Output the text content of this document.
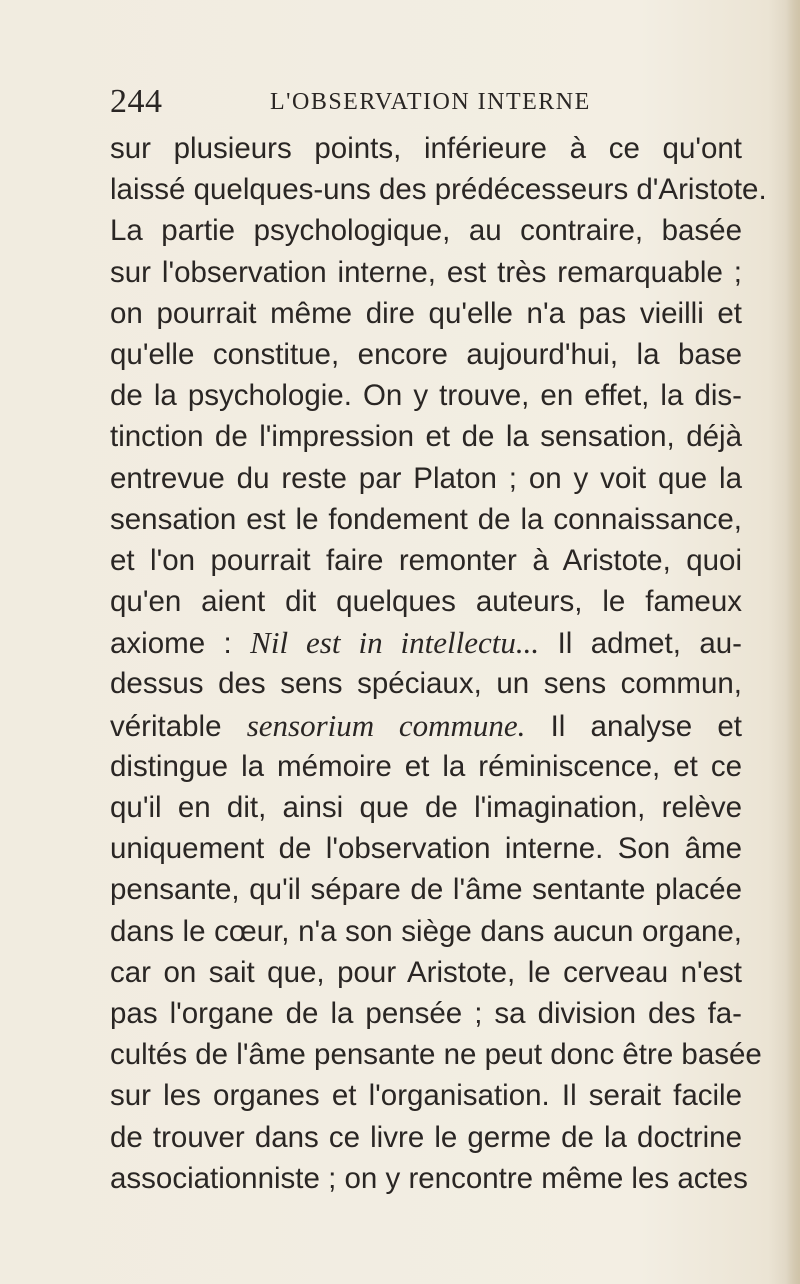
244	L'OBSERVATION INTERNE
sur plusieurs points, inférieure à ce qu'ont
laissé quelques-uns des prédécesseurs d'Aristote.
La partie psychologique, au contraire, basée
sur l'observation interne, est très remarquable ;
on pourrait même dire qu'elle n'a pas vieilli et
qu'elle constitue, encore aujourd'hui, la base
de la psychologie. On y trouve, en effet, la dis-
tinction de l'impression et de la sensation, déjà
entrevue du reste par Platon ; on y voit que la
sensation est le fondement de la connaissance,
et l'on pourrait faire remonter à Aristote, quoi
qu'en aient dit quelques auteurs, le fameux
axiome : Nil est in intellectu... Il admet, au-
dessus des sens spéciaux, un sens commun,
véritable sensorium commune. Il analyse et
distingue la mémoire et la réminiscence, et ce
qu'il en dit, ainsi que de l'imagination, relève
uniquement de l'observation interne. Son âme
pensante, qu'il sépare de l'âme sentante placée
dans le cœur, n'a son siège dans aucun organe,
car on sait que, pour Aristote, le cerveau n'est
pas l'organe de la pensée ; sa division des fa-
cultés de l'âme pensante ne peut donc être basée
sur les organes et l'organisation. Il serait facile
de trouver dans ce livre le germe de la doctrine
associationniste ; on y rencontre même les actes
